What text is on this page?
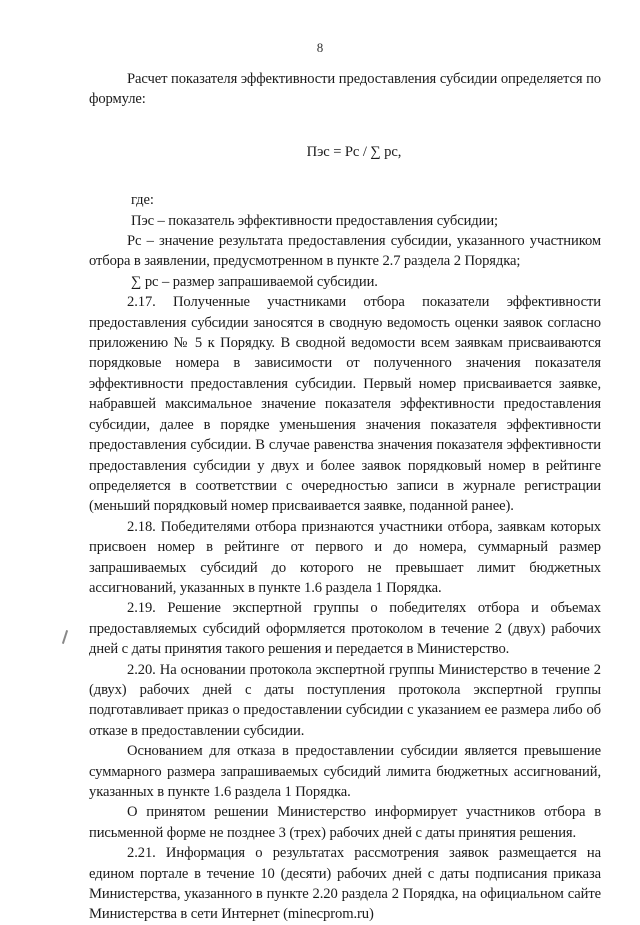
8

Расчет показателя эффективности предоставления субсидии определяется по формуле:

Пэс = Рс / ∑ рс,

где:

Пэс – показатель эффективности предоставления субсидии;

Рс – значение результата предоставления субсидии, указанного участником отбора в заявлении, предусмотренном в пункте 2.7 раздела 2 Порядка;

∑ рс – размер запрашиваемой субсидии.

2.17. Полученные участниками отбора показатели эффективности предоставления субсидии заносятся в сводную ведомость оценки заявок согласно приложению № 5 к Порядку. В сводной ведомости всем заявкам присваиваются порядковые номера в зависимости от полученного значения показателя эффективности предоставления субсидии. Первый номер присваивается заявке, набравшей максимальное значение показателя эффективности предоставления субсидии, далее в порядке уменьшения значения показателя эффективности предоставления субсидии. В случае равенства значения показателя эффективности предоставления субсидии у двух и более заявок порядковый номер в рейтинге определяется в соответствии с очередностью записи в журнале регистрации (меньший порядковый номер присваивается заявке, поданной ранее).

2.18. Победителями отбора признаются участники отбора, заявкам которых присвоен номер в рейтинге от первого и до номера, суммарный размер запрашиваемых субсидий до которого не превышает лимит бюджетных ассигнований, указанных в пункте 1.6 раздела 1 Порядка.

2.19. Решение экспертной группы о победителях отбора и объемах предоставляемых субсидий оформляется протоколом в течение 2 (двух) рабочих дней с даты принятия такого решения и передается в Министерство.

2.20. На основании протокола экспертной группы Министерство в течение 2 (двух) рабочих дней с даты поступления протокола экспертной группы подготавливает приказ о предоставлении субсидии с указанием ее размера либо об отказе в предоставлении субсидии.

Основанием для отказа в предоставлении субсидии является превышение суммарного размера запрашиваемых субсидий лимита бюджетных ассигнований, указанных в пункте 1.6 раздела 1 Порядка.

О принятом решении Министерство информирует участников отбора в письменной форме не позднее 3 (трех) рабочих дней с даты принятия решения.

2.21. Информация о результатах рассмотрения заявок размещается на едином портале в течение 10 (десяти) рабочих дней с даты подписания приказа Министерства, указанного в пункте 2.20 раздела 2 Порядка, на официальном сайте Министерства в сети Интернет (minecprom.ru)
